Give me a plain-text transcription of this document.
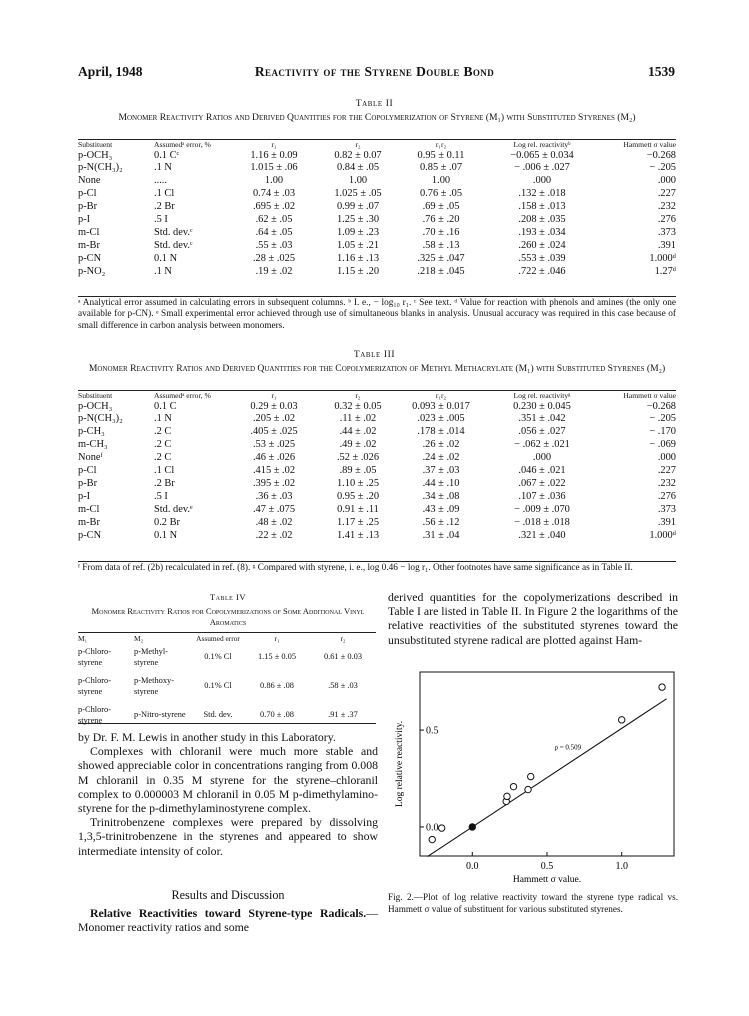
April, 1948	Reactivity of the Styrene Double Bond	1539
Table II
Monomer Reactivity Ratios and Derived Quantities for the Copolymerization of Styrene (M₁) with Substituted Styrenes (M₂)
Substituent	Assumedᵃ error, %	r₁	r₂	r₁r₂	Log rel. reactivityᵇ	Hammett σ value
p-OCH₃	0.1 Cᶜ	1.16 ± 0.09	0.82 ± 0.07	0.95 ± 0.11	−0.065 ± 0.034	−0.268
p-N(CH₃)₂	.1 N	1.015 ± .06	0.84 ± .05	0.85 ± .07	− .006 ± .027	− .205
None	.....	1.00	1.00	1.00	.000	.000
p-Cl	.1 Cl	0.74 ± .03	1.025 ± .05	0.76 ± .05	.132 ± .018	.227
p-Br	.2 Br	.695 ± .02	0.99 ± .07	.69 ± .05	.158 ± .013	.232
p-I	.5 I	.62 ± .05	1.25 ± .30	.76 ± .20	.208 ± .035	.276
m-Cl	Std. dev.ᶜ	.64 ± .05	1.09 ± .23	.70 ± .16	.193 ± .034	.373
m-Br	Std. dev.ᶜ	.55 ± .03	1.05 ± .21	.58 ± .13	.260 ± .024	.391
p-CN	0.1 N	.28 ± .025	1.16 ± .13	.325 ± .047	.553 ± .039	1.000ᵈ
p-NO₂	.1 N	.19 ± .02	1.15 ± .20	.218 ± .045	.722 ± .046	1.27ᵈ
ᵃ Analytical error assumed in calculating errors in subsequent columns. ᵇ I. e., − log₁₀ r₁. ᶜ See text. ᵈ Value for reaction with phenols and amines (the only one available for p-CN). ᵉ Small experimental error achieved through use of simultaneous blanks in analysis. Unusual accuracy was required in this case because of small difference in carbon analysis between monomers.
Table III
Monomer Reactivity Ratios and Derived Quantities for the Copolymerization of Methyl Methacrylate (M₁) with Substituted Styrenes (M₂)
Substituent	Assumedᵃ error, %	r₁	r₂	r₁r₂	Log rel. reactivityᵍ	Hammett σ value
p-OCH₃	0.1 C	0.29 ± 0.03	0.32 ± 0.05	0.093 ± 0.017	0.230 ± 0.045	−0.268
p-N(CH₃)₂	.1 N	.205 ± .02	.11 ± .02	.023 ± .005	.351 ± .042	− .205
p-CH₃	.2 C	.405 ± .025	.44 ± .02	.178 ± .014	.056 ± .027	− .170
m-CH₃	.2 C	.53 ± .025	.49 ± .02	.26 ± .02	− .062 ± .021	− .069
Noneᶠ	.2 C	.46 ± .026	.52 ± .026	.24 ± .02	.000	.000
p-Cl	.1 Cl	.415 ± .02	.89 ± .05	.37 ± .03	.046 ± .021	.227
p-Br	.2 Br	.395 ± .02	1.10 ± .25	.44 ± .10	.067 ± .022	.232
p-I	.5 I	.36 ± .03	0.95 ± .20	.34 ± .08	.107 ± .036	.276
m-Cl	Std. dev.ᵉ	.47 ± .075	0.91 ± .11	.43 ± .09	− .009 ± .070	.373
m-Br	0.2 Br	.48 ± .02	1.17 ± .25	.56 ± .12	− .018 ± .018	.391
p-CN	0.1 N	.22 ± .02	1.41 ± .13	.31 ± .04	.321 ± .040	1.000ᵈ
ᶠ From data of ref. (2b) recalculated in ref. (8). ᵍ Compared with styrene, i. e., log 0.46 − log r₁. Other footnotes have same significance as in Table II.
Table IV
Monomer Reactivity Ratios for Copolymerizations of Some Additional Vinyl Aromatics
M₁	M₂	Assumed error	r₁	r₂
p-Chloro-styrene	p-Methyl-styrene	0.1% Cl	1.15 ± 0.05	0.61 ± 0.03
p-Chloro-styrene	p-Methoxy-styrene	0.1% Cl	0.86 ± .08	.58 ± .03
p-Chloro-styrene	p-Nitro-styrene	Std. dev.	0.70 ± .08	.91 ± .37

by Dr. F. M. Lewis in another study in this Laboratory.

Complexes with chloranil were much more stable and showed appreciable color in concentrations ranging from 0.008 M chloranil in 0.35 M styrene for the styrene–chloranil complex to 0.000003 M chloranil in 0.05 M p-dimethylamino-styrene for the p-dimethylaminostyrene complex.

Trinitrobenzene complexes were prepared by dissolving 1,3,5-trinitrobenzene in the styrenes and appeared to show intermediate intensity of color.

Results and Discussion
Relative Reactivities toward Styrene-type Radicals.—Monomer reactivity ratios and some

derived quantities for the copolymerizations described in Table I are listed in Table II. In Figure 2 the logarithms of the relative reactivities of the substituted styrenes toward the unsubstituted styrene radical are plotted against Ham-

0.0	0.5	1.0
0.0
0.5
ρ = 0.509
Log relative reactivity.
Hammett σ value.
Fig. 2.—Plot of log relative reactivity toward the styrene type radical vs. Hammett σ value of substituent for various substituted styrenes.
